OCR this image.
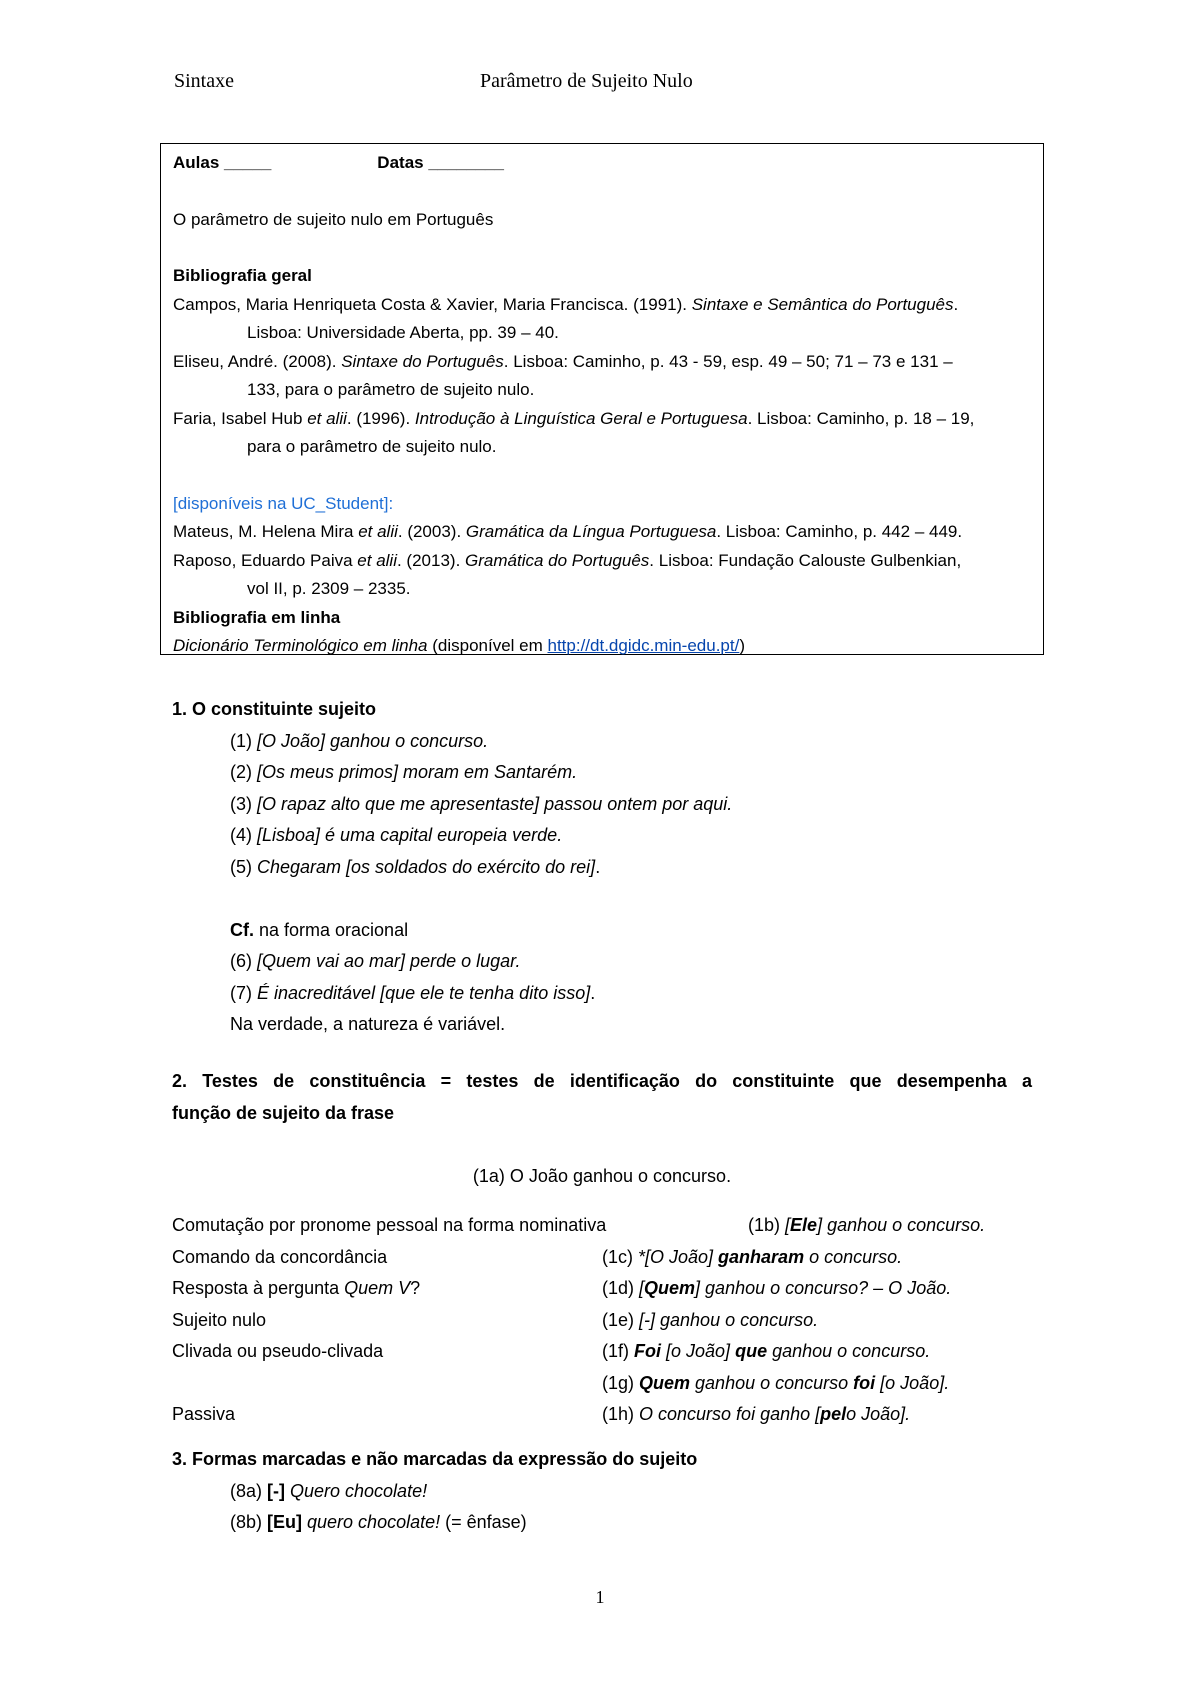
Sintaxe	Parâmetro de Sujeito Nulo
Aulas _____	Datas ________
O parâmetro de sujeito nulo em Português
Bibliografia geral
Campos, Maria Henriqueta Costa & Xavier, Maria Francisca. (1991). Sintaxe e Semântica do Português.
Lisboa: Universidade Aberta, pp. 39 – 40.
Eliseu, André. (2008). Sintaxe do Português. Lisboa: Caminho, p. 43 - 59, esp. 49 – 50; 71 – 73 e 131 –
133, para o parâmetro de sujeito nulo.
Faria, Isabel Hub et alii. (1996). Introdução à Linguística Geral e Portuguesa. Lisboa: Caminho, p. 18 – 19,
para o parâmetro de sujeito nulo.
[disponíveis na UC_Student]:
Mateus, M. Helena Mira et alii. (2003). Gramática da Língua Portuguesa. Lisboa: Caminho, p. 442 – 449.
Raposo, Eduardo Paiva et alii. (2013). Gramática do Português. Lisboa: Fundação Calouste Gulbenkian,
vol II, p. 2309 – 2335.
Bibliografia em linha
Dicionário Terminológico em linha (disponível em http://dt.dgidc.min-edu.pt/)
1. O constituinte sujeito
(1) [O João] ganhou o concurso.
(2) [Os meus primos] moram em Santarém.
(3) [O rapaz alto que me apresentaste] passou ontem por aqui.
(4) [Lisboa] é uma capital europeia verde.
(5) Chegaram [os soldados do exército do rei].
Cf. na forma oracional
(6) [Quem vai ao mar] perde o lugar.
(7) É inacreditável [que ele te tenha dito isso].
Na verdade, a natureza é variável.
2. Testes de constituência = testes de identificação do constituinte que desempenha a
função de sujeito da frase
(1a) O João ganhou o concurso.
Comutação por pronome pessoal na forma nominativa	(1b) [Ele] ganhou o concurso.
Comando da concordância	(1c) *[O João] ganharam o concurso.
Resposta à pergunta Quem V?	(1d) [Quem] ganhou o concurso? – O João.
Sujeito nulo	(1e) [-] ganhou o concurso.
Clivada ou pseudo-clivada	(1f) Foi [o João] que ganhou o concurso.
(1g) Quem ganhou o concurso foi [o João].
Passiva	(1h) O concurso foi ganho [pelo João].
3. Formas marcadas e não marcadas da expressão do sujeito
(8a) [-] Quero chocolate!
(8b) [Eu] quero chocolate! (= ênfase)
1
